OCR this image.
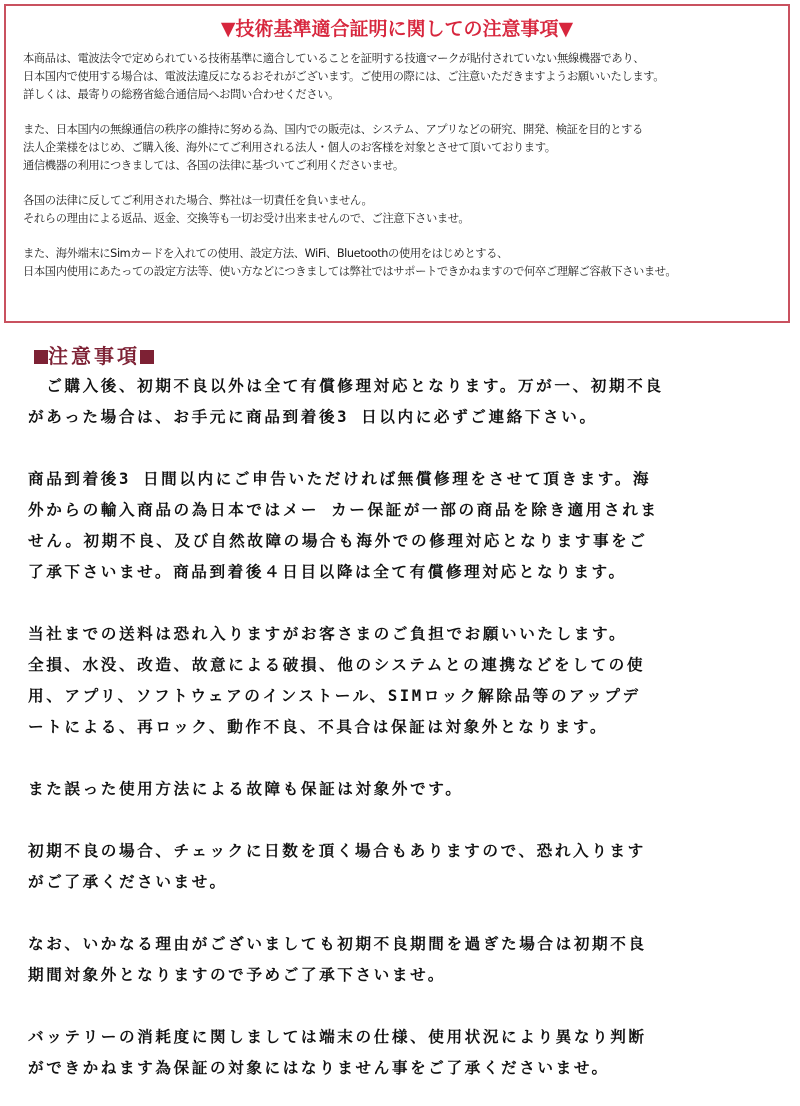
▼技術基準適合証明に関しての注意事項▼

本商品は、電波法令で定められている技術基準に適合していることを証明する技適マークが貼付されていない無線機器であり、
日本国内で使用する場合は、電波法違反になるおそれがございます。ご使用の際には、ご注意いただきますようお願いいたします。
詳しくは、最寄りの総務省総合通信局へお問い合わせください。

また、日本国内の無線通信の秩序の維持に努める為、国内での販売は、システム、アプリなどの研究、開発、検証を目的とする
法人企業様をはじめ、ご購入後、海外にてご利用される法人・個人のお客様を対象とさせて頂いております。
通信機器の利用につきましては、各国の法律に基づいてご利用くださいませ。

各国の法律に反してご利用された場合、弊社は一切責任を負いません。
それらの理由による返品、返金、交換等も一切お受け出来ませんので、ご注意下さいませ。

また、海外端末にSimカードを入れての使用、設定方法、WiFi、Bluetoothの使用をはじめとする、
日本国内使用にあたっての設定方法等、使い方などにつきましては弊社ではサポートできかねますので何卒ご理解ご容赦下さいませ。

注意事項

　ご購入後、初期不良以外は全て有償修理対応となります。万が一、初期不良
があった場合は、お手元に商品到着後3 日以内に必ずご連絡下さい。

商品到着後3 日間以内にご申告いただければ無償修理をさせて頂きます。海
外からの輸入商品の為日本ではメー カー保証が一部の商品を除き適用されま
せん。初期不良、及び自然故障の場合も海外での修理対応となります事をご
了承下さいませ。商品到着後４日目以降は全て有償修理対応となります。

当社までの送料は恐れ入りますがお客さまのご負担でお願いいたします。
全損、水没、改造、故意による破損、他のシステムとの連携などをしての使
用、アプリ、ソフトウェアのインストール、SIMロック解除品等のアップデ
ートによる、再ロック、動作不良、不具合は保証は対象外となります。

また誤った使用方法による故障も保証は対象外です。

初期不良の場合、チェックに日数を頂く場合もありますので、恐れ入ります
がご了承くださいませ。

なお、いかなる理由がございましても初期不良期間を過ぎた場合は初期不良
期間対象外となりますので予めご了承下さいませ。

バッテリーの消耗度に関しましては端末の仕様、使用状況により異なり判断
ができかねます為保証の対象にはなりません事をご了承くださいませ。
